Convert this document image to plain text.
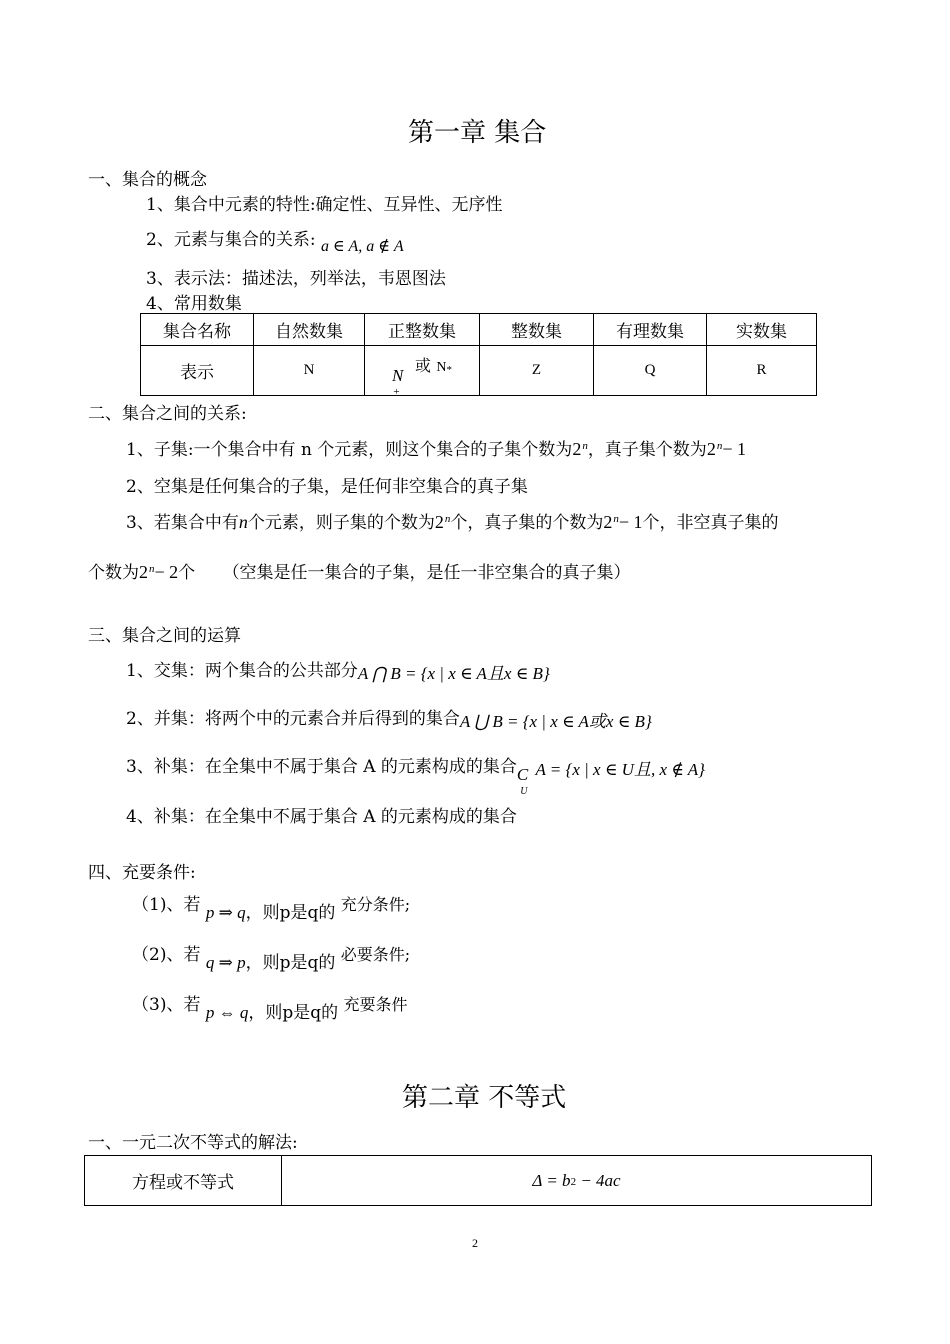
第一章 集合
一、集合的概念
1、集合中元素的特性:确定性、互异性、无序性
2、元素与集合的关系: a ∈ A, a ∉ A
3、表示法：描述法，列举法，韦恩图法
4、常用数集
集合名称	自然数集	正整数集	整数集	有理数集	实数集
表示	N	$N_+$ 或 $^{N*}$	Z	Q	R
二、集合之间的关系:
1、子集:一个集合中有 n 个元素，则这个集合的子集个数为2$^n$，真子集个数为$2^n- 1$
2、空集是任何集合的子集，是任何非空集合的真子集
3、若集合中有n个元素，则子集的个数为2$^n$个，真子集的个数为$2^n- 1$个，非空真子集的
个数为$2^n- 2$个 （空集是任一集合的子集，是任一非空集合的真子集）
三、集合之间的运算
1、交集：两个集合的公共部分A ⋂ B = {x | x ∈ A且x ∈ B}
2、并集：将两个中的元素合并后得到的集合A ⋃ B = {x | x ∈ A或x ∈ B}
3、补集：在全集中不属于集合 A 的元素构成的集合$C_UA = \{x$ | x ∈ U且, x ∉ A}
4、补集：在全集中不属于集合 A 的元素构成的集合
四、充要条件:
（1)、若 p ⇒ q，则p是q的 充分条件;
（2)、若 q ⇒ p，则p是q的 必要条件;
（3)、若 p ⇔ q，则p是q的 充要条件
第二章 不等式
一、一元二次不等式的解法:
方程或不等式	Δ = b2 − 4ac
2
